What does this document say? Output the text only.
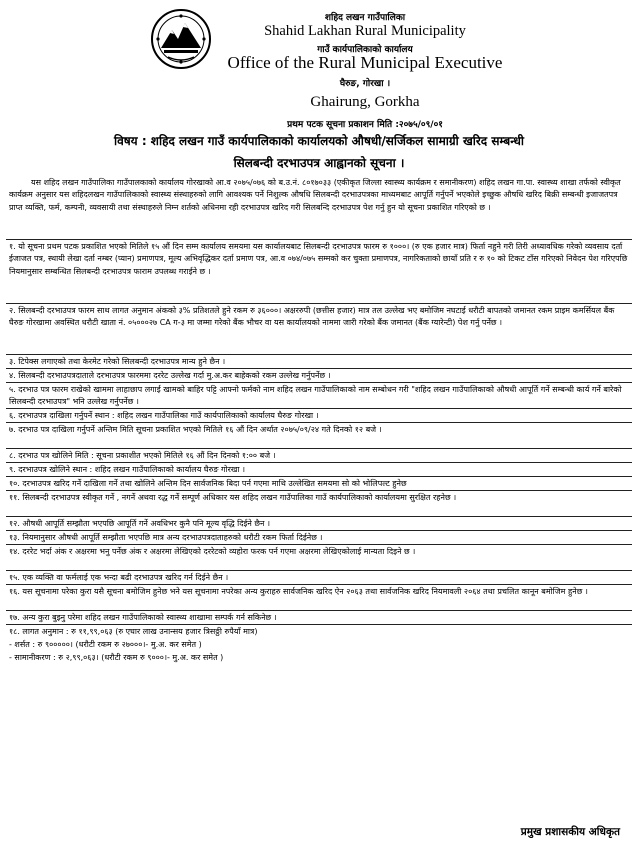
शहिद लखन गाउँपालिका
Shahid Lakhan Rural Municipality
गाउँ कार्यपालिकाको कार्यालय
Office of the Rural Municipal Executive
घैरुङ, गोरखा ।
Ghairung, Gorkha
प्रथम पटक सूचना प्रकाशन मिति :२०७५/०९/०१
विषय : शहिद लखन गाउँ कार्यपालिकाको कार्यालयको औषधी/सर्जिकल सामाग्री खरिद सम्बन्धी
सिलबन्दी दरभाउपत्र आह्वानको सूचना ।
यस शहिद लखन गाउँपालिका गाउँपालकाको कार्यालय गोरखाको आ.व २०७५/०७६ को ब.उ.नं. ८०१७०३३ (एकीकृत जिल्ला स्वास्थ्य कार्यक्रम र समानीकरण) शहिद लखन गा.पा. स्वास्थ्य शाखा तर्फको स्वीकृत कार्यक्रम अनुसार यस शहिदलखन गाउँपालिकाको स्वास्थ्य संस्थाहरुको लागि आवश्यक पर्ने निशुल्क औषधि सिलबन्दी दरभाउपत्रका माध्यमबाट आपूर्ति गर्नुपर्ने भएकोले इच्छुक औषधि खरिद बिक्री सम्बन्धी इजाजतपत्र प्राप्त व्यक्ति, फर्म, कम्पनी, व्यवसायी तथा संस्थाहरुले निम्न शर्तको अधिनमा रही दरभाउपत्र खरिद गरी सिलबन्दि दरभाउपत्र पेश गर्नु हुन यो सूचना प्रकाशित गरिएको छ ।
१. यो सूचना प्रथम पटक प्रकाशित भएको मितिले १५ औं दिन सम्म कार्यालय समयमा यस कार्यालयबाट सिलबन्दी दरभाउपत्र फारम रु १०००। (रु एक हजार मात्र) फिर्ता नहुने गरी तिरी अध्यावधिक गरेको व्यवसाय दर्ता ईजाजत पत्र, स्थायी लेखा दर्ता नम्बर (प्यान) प्रमाणपत्र, मूल्य अभिवृद्धिकर दर्ता प्रमाण पत्र, आ.व ०७४/०७५ सम्मको कर चुक्ता प्रमाणपत्र, नागरिकताको छायाँ प्रति र रु १० को टिकट टाँस गरिएको निवेदन पेश गरिएपछि नियमानुसार सम्बन्धित सिलबन्दी दरभाउपत्र फाराम उपलब्ध गराईने छ ।
२. सिलबन्दी दरभाउपत्र फारम साथ लागत अनुमान अंकको ३% प्रतिशतले हुने रकम रु ३६०००। अक्षररुपी (छत्तीस हजार) मात्र तल उल्लेख भए बमोजिम नघटाई धरौटी बापतको जमानत रकम प्राइम कमर्सियल बैंक घैरुङ गोरखामा अवस्थित धरौटी खाता नं. ०५०००२७ CA ग-३ मा जम्मा गरेको बैंक भौचर वा यस कार्यालयको नाममा जारी गरेको बैंक जमानत (बैंक ग्यारेन्टी) पेश गर्नु पर्नेछ ।
३. टिपेक्स लगाएको तथा केरमेट गरेको सिलबन्दी दरभाउपत्र मान्य हुने छैन ।
४. सिलबन्दी दरभाउपत्रदाताले दरभाउपत्र फारममा दररेट उल्लेख गर्दा मु.अ.कर बाहेकको रकम उल्लेख गर्नुपर्नेछ ।
५. दरभाउ पत्र फारम राखेको खाममा लाहाछाप लगाई खामको बाहिर पट्टि आफ्नो फर्मको नाम शहिद लखन गाउँपालिकाको नाम सम्बोधन गरी "शहिद लखन गाउँपालिकाको औषधी आपूर्ति गर्ने सम्बन्धी कार्य गर्ने बारेको सिलबन्दी दरभाउपत्र" भनि उल्लेख गर्नुपर्नेछ ।
६. दरभाउपत्र दाखिला गर्नुपर्ने स्थान : शहिद लखन गाउँपालिका गाउँ कार्यपालिकाको कार्यालय घैरुङ गोरखा ।
७. दरभाउ पत्र दाखिला गर्नुपर्ने अन्तिम मिति सूचना प्रकाशित भएको मितिले १६ औं दिन अर्थात २०७५/०९/२४ गते दिनको १२ बजे ।
८. दरभाउ पत्र खोलिने मिति : सूचना प्रकाशीत भएको मितिले १६ औं दिन दिनको १:०० बजे ।
९. दरभाउपत्र खोलिने स्थान : शहिद लखन गाउँपालिकाको कार्यालय घैरुङ गोरखा ।
१०. दरभाउपत्र खरिद गर्ने दाखिला गर्ने तथा खोलिने अन्तिम दिन सार्वजनिक बिदा पर्न गएमा माथि उल्लेखित समयमा सो को भोलिपल्ट हुनेछ
११. सिलबन्दी दरभाउपत्र स्वीकृत गर्ने , नगर्ने अथवा रद्ध गर्ने सम्पूर्ण अधिकार यस शहिद लखन गाउँपालिका गाउँ कार्यपालिकाको कार्यालयमा सुरक्षित रहनेछ ।
१२. औषधी आपूर्ति सम्झौता भएपछि आपूर्ति गर्ने अवधिभर कुनै पनि मूल्य वृद्धि दिईने छैन ।
१३. नियमानुसार औषधी आपूर्ति सम्झौता भएपछि मात्र अन्य दरभाउपत्रदाताहरुको धरौटी रकम फिर्ता दिईनेछ ।
१४. दररेट भर्दा अंक र अक्षरमा भनु पर्नेछ अंक र अक्षरमा लेखिएको दररेटको व्यहोरा फरक पर्न गएमा अक्षरमा लेखिएकोलाई मान्यता दिइने छ ।
१५. एक व्यक्ति वा फर्मलाई एक भन्दा बढी दरभाउपत्र खरिद गर्न दिईने छैन ।
१६. यस सूचनामा परेका कुरा यसै सूचना बमोजिम हुनेछ भने यस सूचनामा नपरेका अन्य कुराहरु सार्वजनिक खरिद ऐन २०६३ तथा सार्वजनिक खरिद नियमावली २०६४ तथा प्रचलित कानून बमोजिम हुनेछ ।
१७. अन्य कुरा बुझ्नु परेमा शहिद लखन गाउँपालिकाको स्वास्थ्य शाखामा सम्पर्क गर्न सकिनेछ ।
१८. लागत अनुमान : रु ११,९९,०६३ (रु एघार लाख उनान्सय हजार त्रिसठ्ठी रुपैयाँ मात्र)
- शर्सत : रु ९०००००। (धरौटी रकम रु २७०००।- मु.अ. कर समेत )
- सामानीकरण : रु २,९९,०६३। (धरौटी रकम रु ९०००।- मु.अ. कर समेत )
प्रमुख प्रशासकीय अधिकृत
